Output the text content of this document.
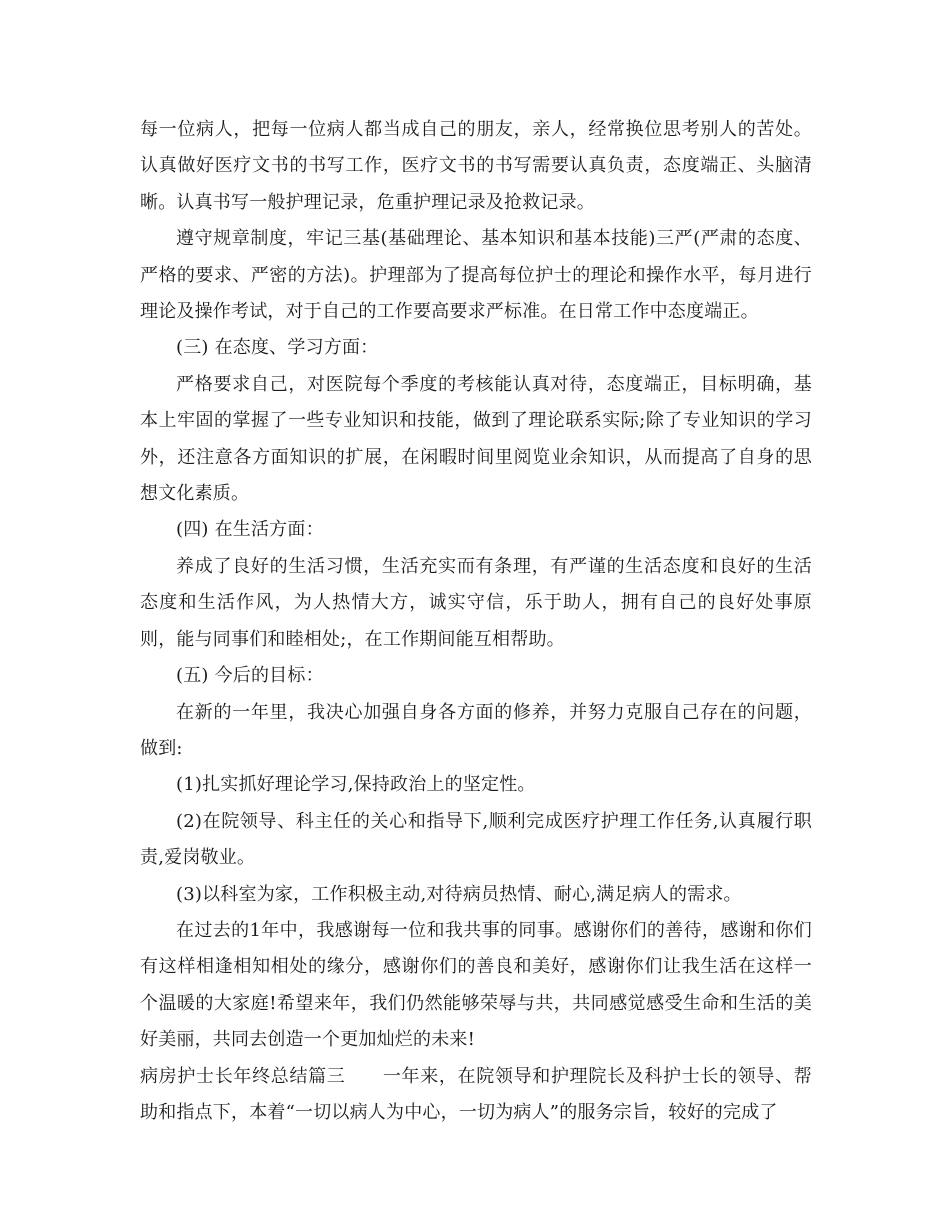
每一位病人，把每一位病人都当成自己的朋友，亲人，经常换位思考别人的苦处。认真做好医疗文书的书写工作，医疗文书的书写需要认真负责，态度端正、头脑清晰。认真书写一般护理记录，危重护理记录及抢救记录。

遵守规章制度，牢记三基(基础理论、基本知识和基本技能)三严(严肃的态度、严格的要求、严密的方法)。护理部为了提高每位护士的理论和操作水平，每月进行理论及操作考试，对于自己的工作要高要求严标准。在日常工作中态度端正。

(三) 在态度、学习方面：

严格要求自己，对医院每个季度的考核能认真对待，态度端正，目标明确，基本上牢固的掌握了一些专业知识和技能，做到了理论联系实际;除了专业知识的学习外，还注意各方面知识的扩展，在闲暇时间里阅览业余知识，从而提高了自身的思想文化素质。

(四) 在生活方面：

养成了良好的生活习惯，生活充实而有条理，有严谨的生活态度和良好的生活态度和生活作风，为人热情大方，诚实守信，乐于助人，拥有自己的良好处事原则，能与同事们和睦相处;，在工作期间能互相帮助。

(五) 今后的目标：

在新的一年里，我决心加强自身各方面的修养，并努力克服自己存在的问题，做到:

(1)扎实抓好理论学习,保持政治上的坚定性。

(2)在院领导、科主任的关心和指导下,顺利完成医疗护理工作任务,认真履行职责,爱岗敬业。

(3)以科室为家，工作积极主动,对待病员热情、耐心,满足病人的需求。

在过去的1年中，我感谢每一位和我共事的同事。感谢你们的善待，感谢和你们有这样相逢相知相处的缘分，感谢你们的善良和美好，感谢你们让我生活在这样一个温暖的大家庭!希望来年，我们仍然能够荣辱与共，共同感觉感受生命和生活的美好美丽，共同去创造一个更加灿烂的未来!

病房护士长年终总结篇三　　一年来，在院领导和护理院长及科护士长的领导、帮助和指点下，本着“一切以病人为中心，一切为病人”的服务宗旨，较好的完成了
